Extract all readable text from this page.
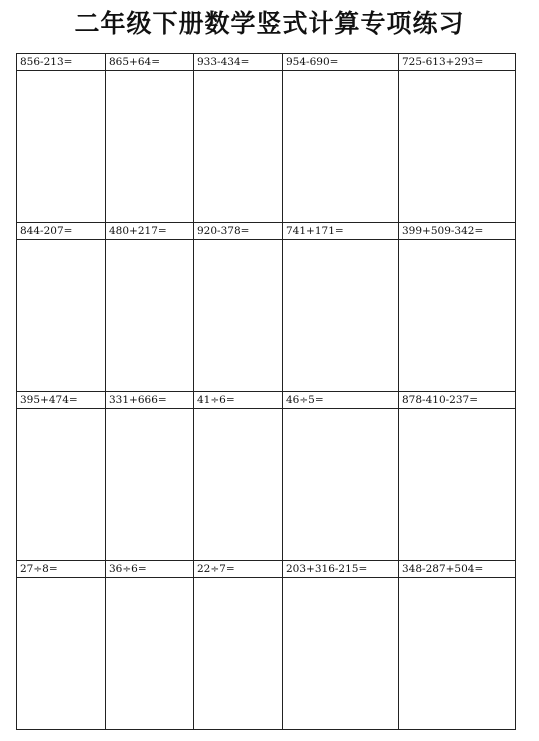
二年级下册数学竖式计算专项练习
856-213=	865+64=	933-434=	954-690=	725-613+293=

844-207=	480+217=	920-378=	741+171=	399+509-342=

395+474=	331+666=	41÷6=	46÷5=	878-410-237=

27÷8=	36÷6=	22÷7=	203+316-215=	348-287+504=
